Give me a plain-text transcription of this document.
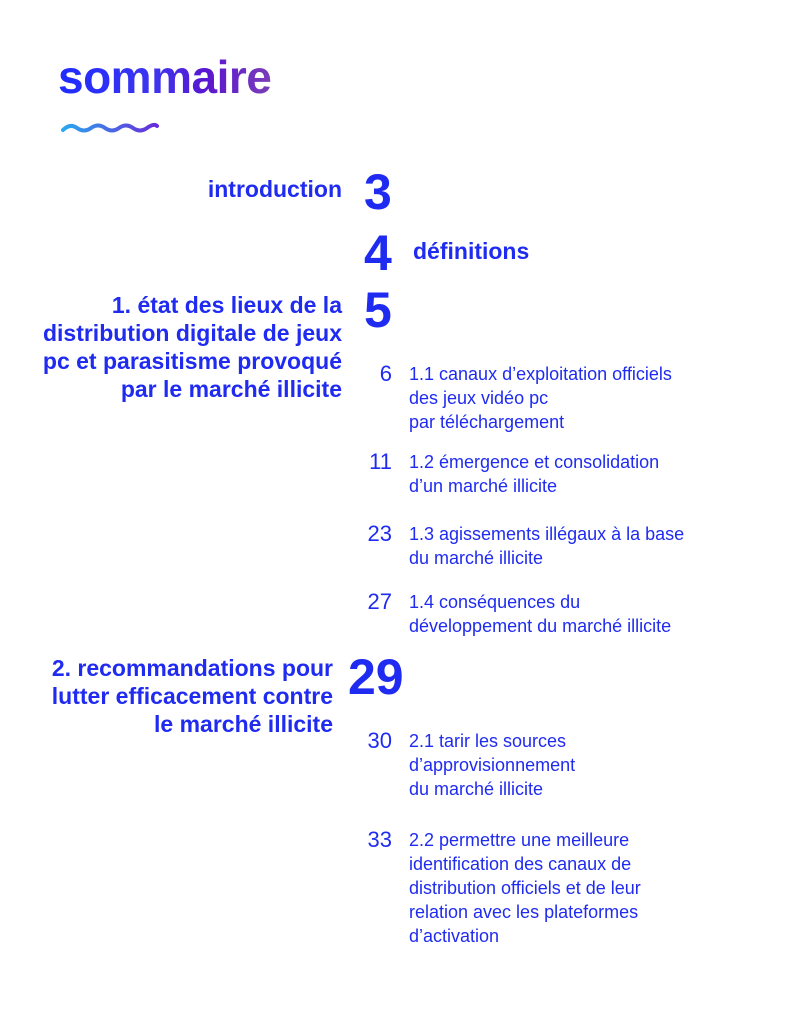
sommaire
introduction 3
4 définitions
1. état des lieux de la distribution digitale de jeux pc et parasitisme provoqué par le marché illicite
5
6 1.1 canaux d’exploitation officiels
des jeux vidéo pc
par téléchargement
11 1.2 émergence et consolidation
d’un marché illicite
23 1.3 agissements illégaux à la base
du marché illicite
27 1.4 conséquences du
développement du marché illicite
2. recommandations pour lutter efficacement contre le marché illicite
29
30 2.1 tarir les sources
d’approvisionnement
du marché illicite
33 2.2 permettre une meilleure
identification des canaux de
distribution officiels et de leur
relation avec les plateformes
d’activation
